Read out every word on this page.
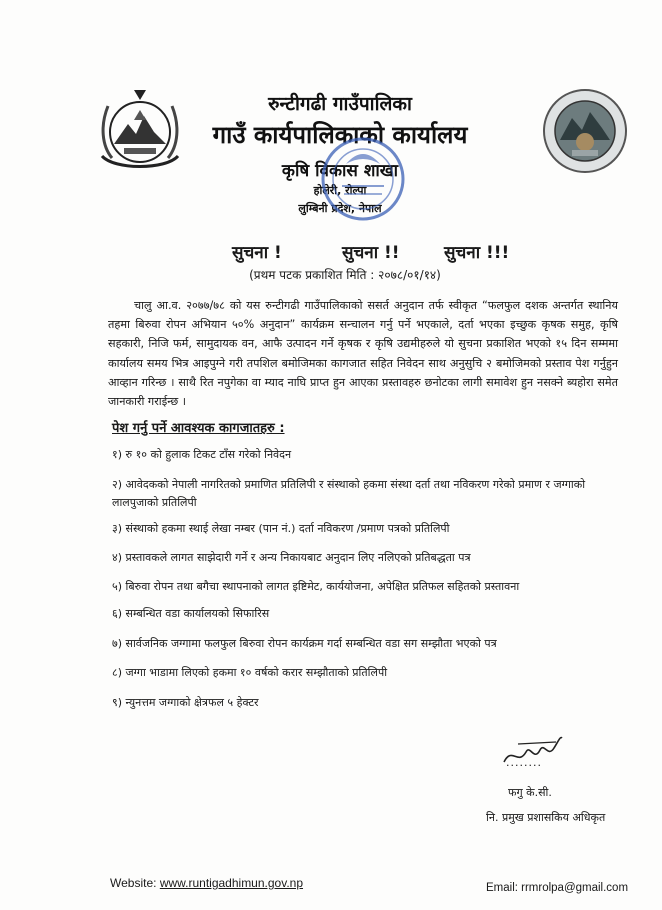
रुन्टीगढी गाउँपालिका
गाउँ कार्यपालिकाको कार्यालय
कृषि विकास शाखा
होलेरी, रोल्पा
लुम्बिनी प्रदेश, नेपाल
सुचना !	सुचना !!	सुचना !!!
(प्रथम पटक प्रकाशित मिति : २०७८/०१/१४)
चालु आ.व. २०७७/७८ को यस रुन्टीगढी गाउँपालिकाको ससर्त अनुदान तर्फ स्वीकृत “फलफुल दशक अन्तर्गत स्थानिय तहमा बिरुवा रोपन अभियान ५०% अनुदान” कार्यक्रम सन्चालन गर्नु पर्ने भएकाले, दर्ता भएका इच्छुक कृषक समुह, कृषि सहकारी, निजि फर्म, सामुदायक वन, आफै उत्पादन गर्ने कृषक र कृषि उद्यमीहरुले यो सुचना प्रकाशित भएको १५ दिन सम्ममा कार्यालय समय भित्र आइपुग्ने गरी तपशिल बमोजिमका कागजात सहित निवेदन साथ अनुसुचि २ बमोजिमको प्रस्ताव पेश गर्नुहुन आव्हान गरिन्छ । साथै रित नपुगेका वा म्याद नाघि प्राप्त हुन आएका प्रस्तावहरु छनोटका लागी समावेश हुन नसक्ने ब्यहोरा समेत जानकारी गराईन्छ ।
पेश गर्नु पर्ने आवश्यक कागजातहरु :
१) रु १० को हुलाक टिकट टाँस गरेको निवेदन
२) आवेदकको नेपाली नागरितको प्रमाणित प्रतिलिपी र संस्थाको हकमा संस्था दर्ता तथा नविकरण गरेको प्रमाण र जग्गाको लालपुजाको प्रतिलिपी
३) संस्थाको हकमा स्थाई लेखा नम्बर (पान नं.) दर्ता नविकरण /प्रमाण पत्रको प्रतिलिपी
४) प्रस्तावकले लागत साझेदारी गर्ने र अन्य निकायबाट अनुदान लिए नलिएको प्रतिबद्धता पत्र
५) बिरुवा रोपन तथा बगैचा स्थापनाको लागत इष्टिमेट, कार्ययोजना, अपेक्षित प्रतिफल सहितको प्रस्तावना
६) सम्बन्धित वडा कार्यालयको सिफारिस
७) सार्वजनिक जग्गामा फलफुल बिरुवा रोपन कार्यक्रम गर्दा सम्बन्धित वडा सग सम्झौता भएको पत्र
८) जग्गा भाडामा लिएको हकमा १० वर्षको करार सम्झौताको प्रतिलिपी
९) न्युनत्तम जग्गाको क्षेत्रफल ५ हेक्टर
........
फगु के.सी.
नि. प्रमुख प्रशासकिय अधिकृत
Website: www.runtigadhimun.gov.np	Email: rrmrolpa@gmail.com
